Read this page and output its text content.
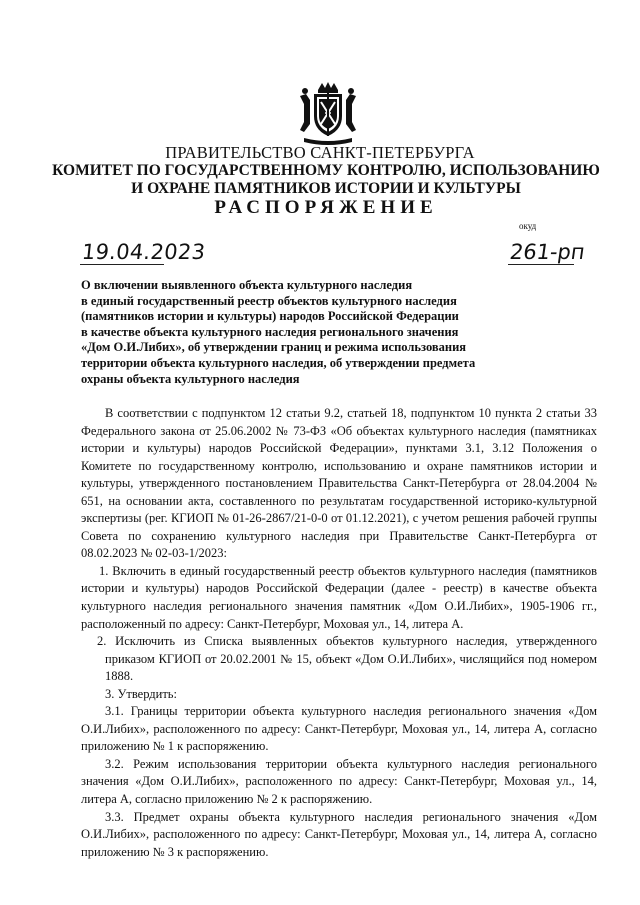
ПРАВИТЕЛЬСТВО САНКТ-ПЕТЕРБУРГА
КОМИТЕТ ПО ГОСУДАРСТВЕННОМУ КОНТРОЛЮ, ИСПОЛЬЗОВАНИЮ
И ОХРАНЕ ПАМЯТНИКОВ ИСТОРИИ И КУЛЬТУРЫ
РАСПОРЯЖЕНИЕ
окуд
19.04.2023	261-рп
О включении выявленного объекта культурного наследия
в единый государственный реестр объектов культурного наследия
(памятников истории и культуры) народов Российской Федерации
в качестве объекта культурного наследия регионального значения
«Дом О.И.Либих», об утверждении границ и режима использования
территории объекта культурного наследия, об утверждении предмета
охраны объекта культурного наследия

В соответствии с подпунктом 12 статьи 9.2, статьей 18, подпунктом 10 пункта 2 статьи 33 Федерального закона от 25.06.2002 № 73-ФЗ «Об объектах культурного наследия (памятниках истории и культуры) народов Российской Федерации», пунктами 3.1, 3.12 Положения о Комитете по государственному контролю, использованию и охране памятников истории и культуры, утвержденного постановлением Правительства Санкт-Петербурга от 28.04.2004 № 651, на основании акта, составленного по результатам государственной историко-культурной экспертизы (рег. КГИОП № 01-26-2867/21-0-0 от 01.12.2021), с учетом решения рабочей группы Совета по сохранению культурного наследия при Правительстве Санкт-Петербурга от 08.02.2023 № 02-03-1/2023:

1. Включить в единый государственный реестр объектов культурного наследия (памятников истории и культуры) народов Российской Федерации (далее - реестр) в качестве объекта культурного наследия регионального значения памятник «Дом О.И.Либих», 1905-1906 гг., расположенный по адресу: Санкт-Петербург, Моховая ул., 14, литера А.

2. Исключить из Списка выявленных объектов культурного наследия, утвержденного приказом КГИОП от 20.02.2001 № 15, объект «Дом О.И.Либих», числящийся под номером 1888.

3. Утвердить:

3.1. Границы территории объекта культурного наследия регионального значения «Дом О.И.Либих», расположенного по адресу: Санкт-Петербург, Моховая ул., 14, литера А, согласно приложению № 1 к распоряжению.

3.2. Режим использования территории объекта культурного наследия регионального значения «Дом О.И.Либих», расположенного по адресу: Санкт-Петербург, Моховая ул., 14, литера А, согласно приложению № 2 к распоряжению.

3.3. Предмет охраны объекта культурного наследия регионального значения «Дом О.И.Либих», расположенного по адресу: Санкт-Петербург, Моховая ул., 14, литера А, согласно приложению № 3 к распоряжению.
